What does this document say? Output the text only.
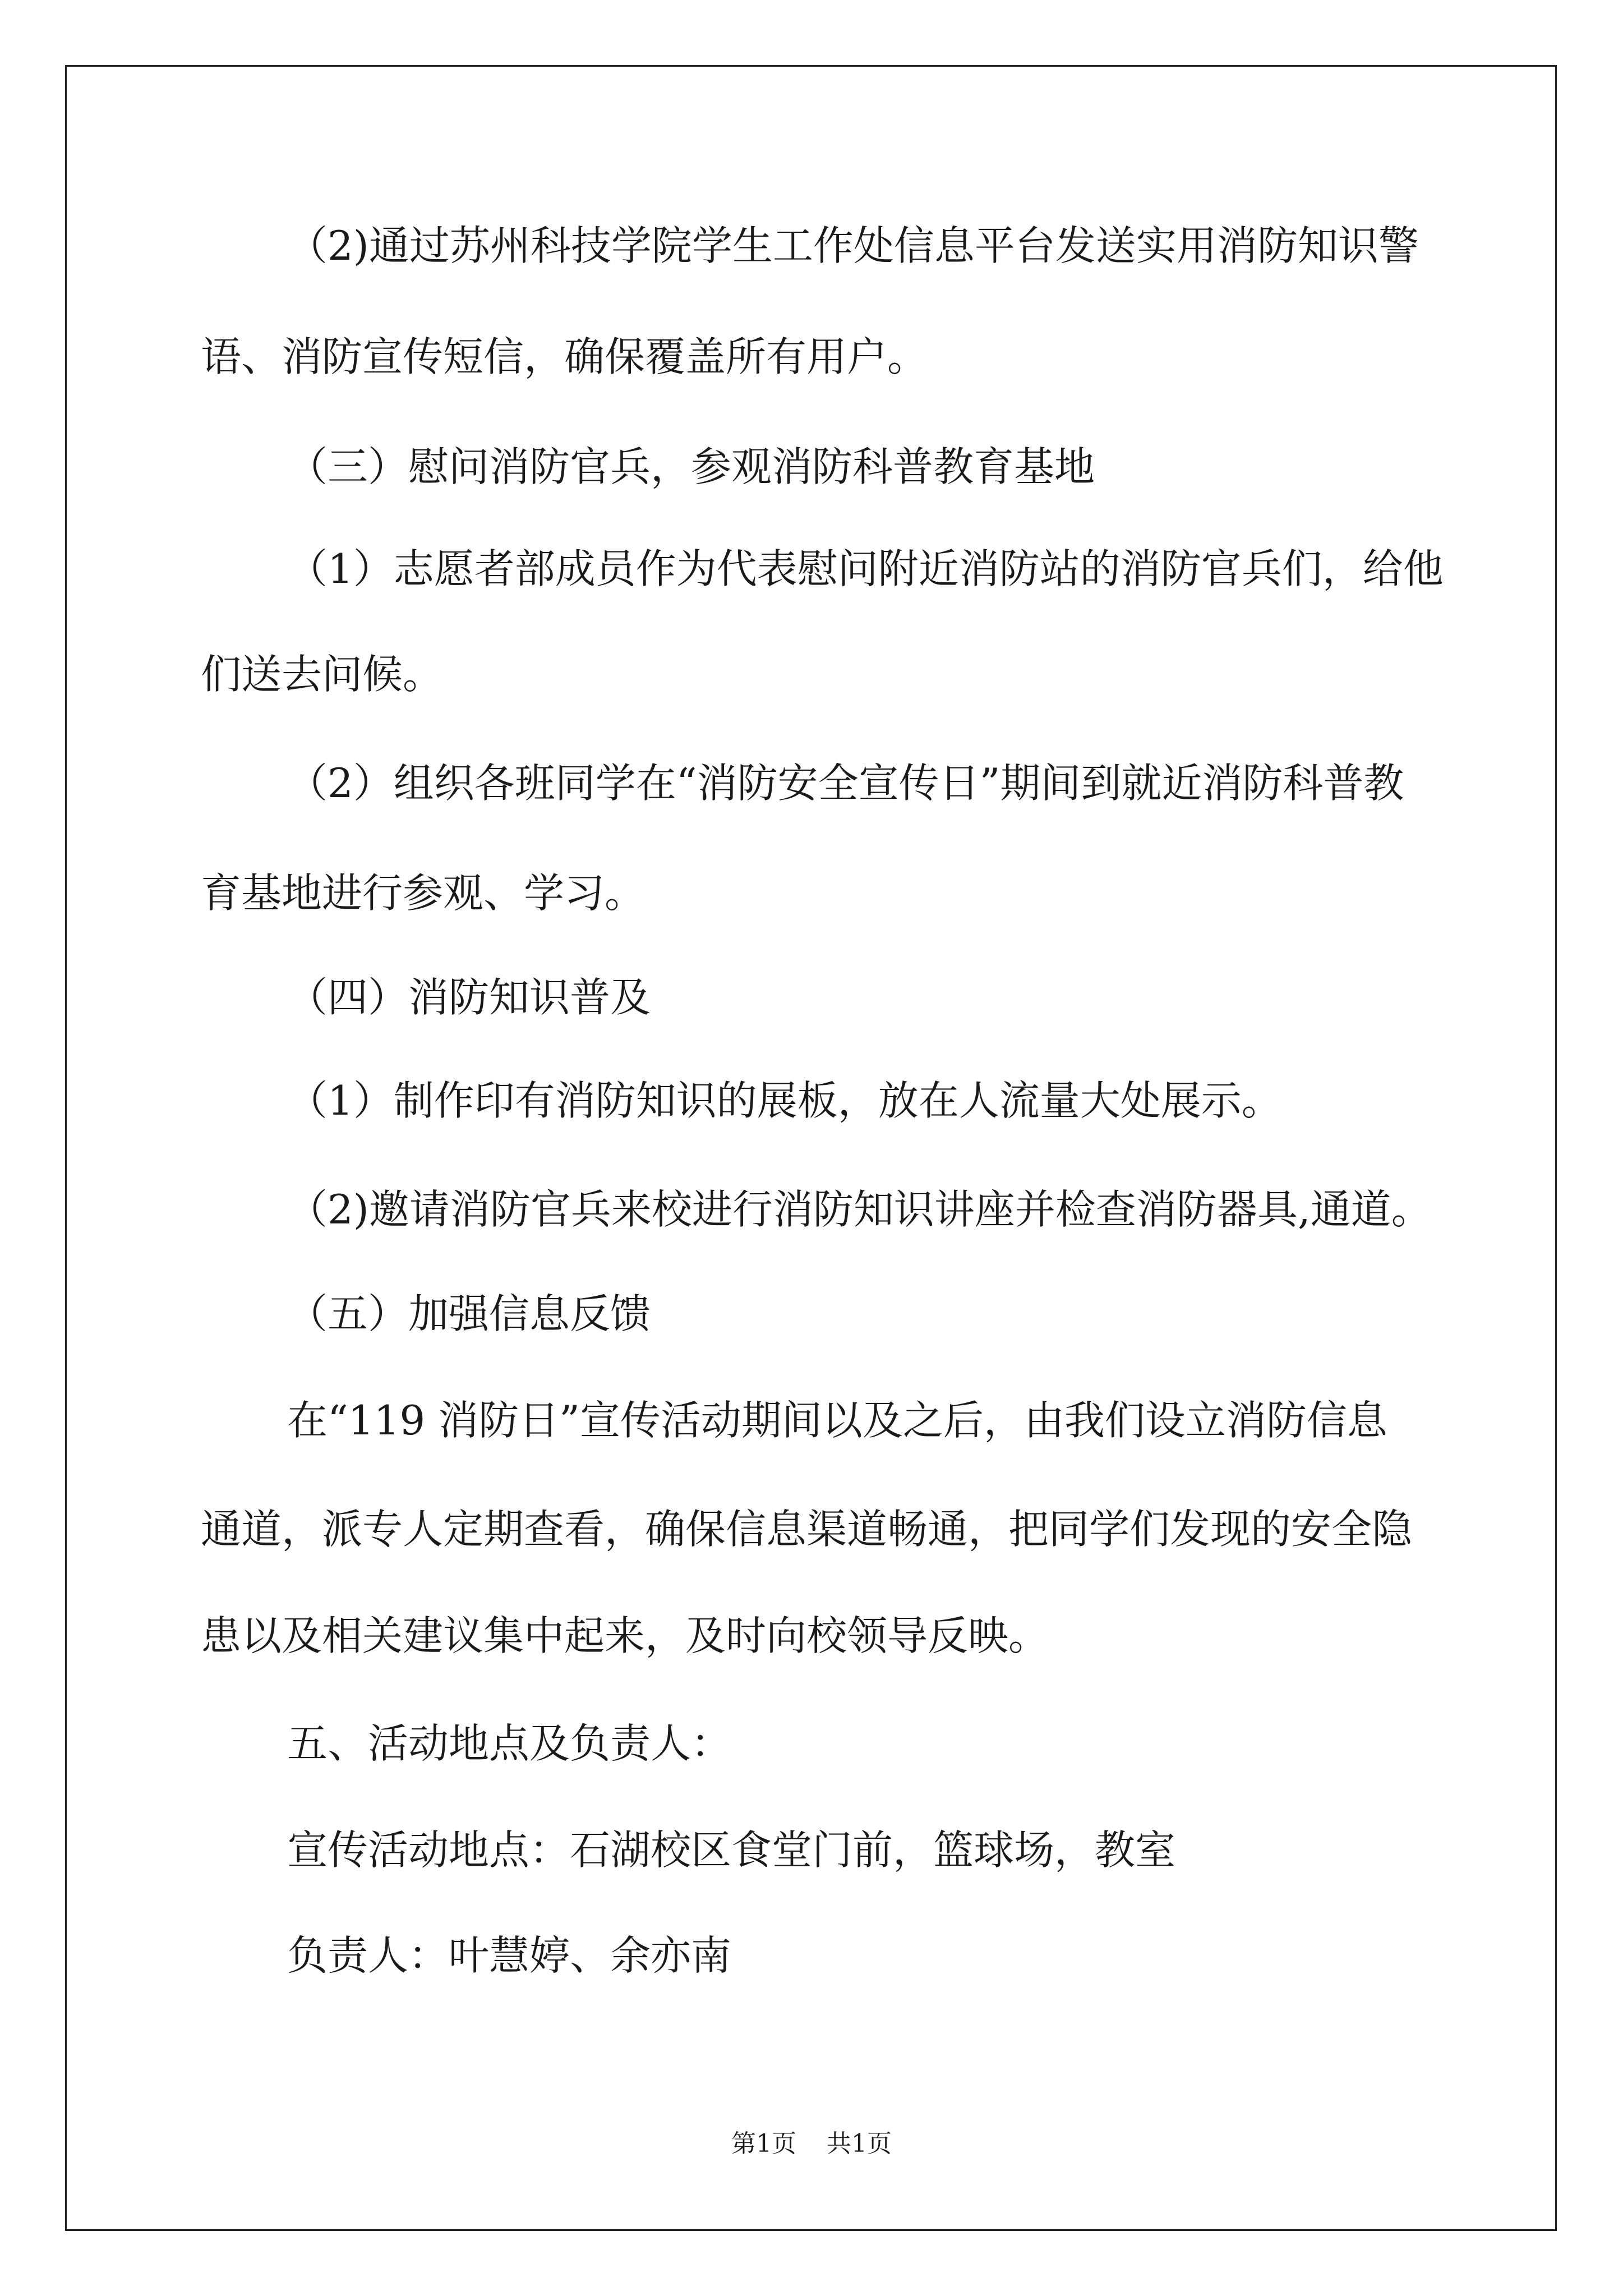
（2)通过苏州科技学院学生工作处信息平台发送实用消防知识警

语、消防宣传短信，确保覆盖所有用户。

（三）慰问消防官兵，参观消防科普教育基地

（1）志愿者部成员作为代表慰问附近消防站的消防官兵们，给他

们送去问候。

（2）组织各班同学在“消防安全宣传日”期间到就近消防科普教

育基地进行参观、学习。

（四）消防知识普及

（1）制作印有消防知识的展板，放在人流量大处展示。

（2)邀请消防官兵来校进行消防知识讲座并检查消防器具,通道。

（五）加强信息反馈

在“119 消防日”宣传活动期间以及之后，由我们设立消防信息

通道，派专人定期查看，确保信息渠道畅通，把同学们发现的安全隐

患以及相关建议集中起来，及时向校领导反映。

五、活动地点及负责人：

宣传活动地点：石湖校区食堂门前，篮球场，教室

负责人：叶慧婷、余亦南

第1页 共1页
